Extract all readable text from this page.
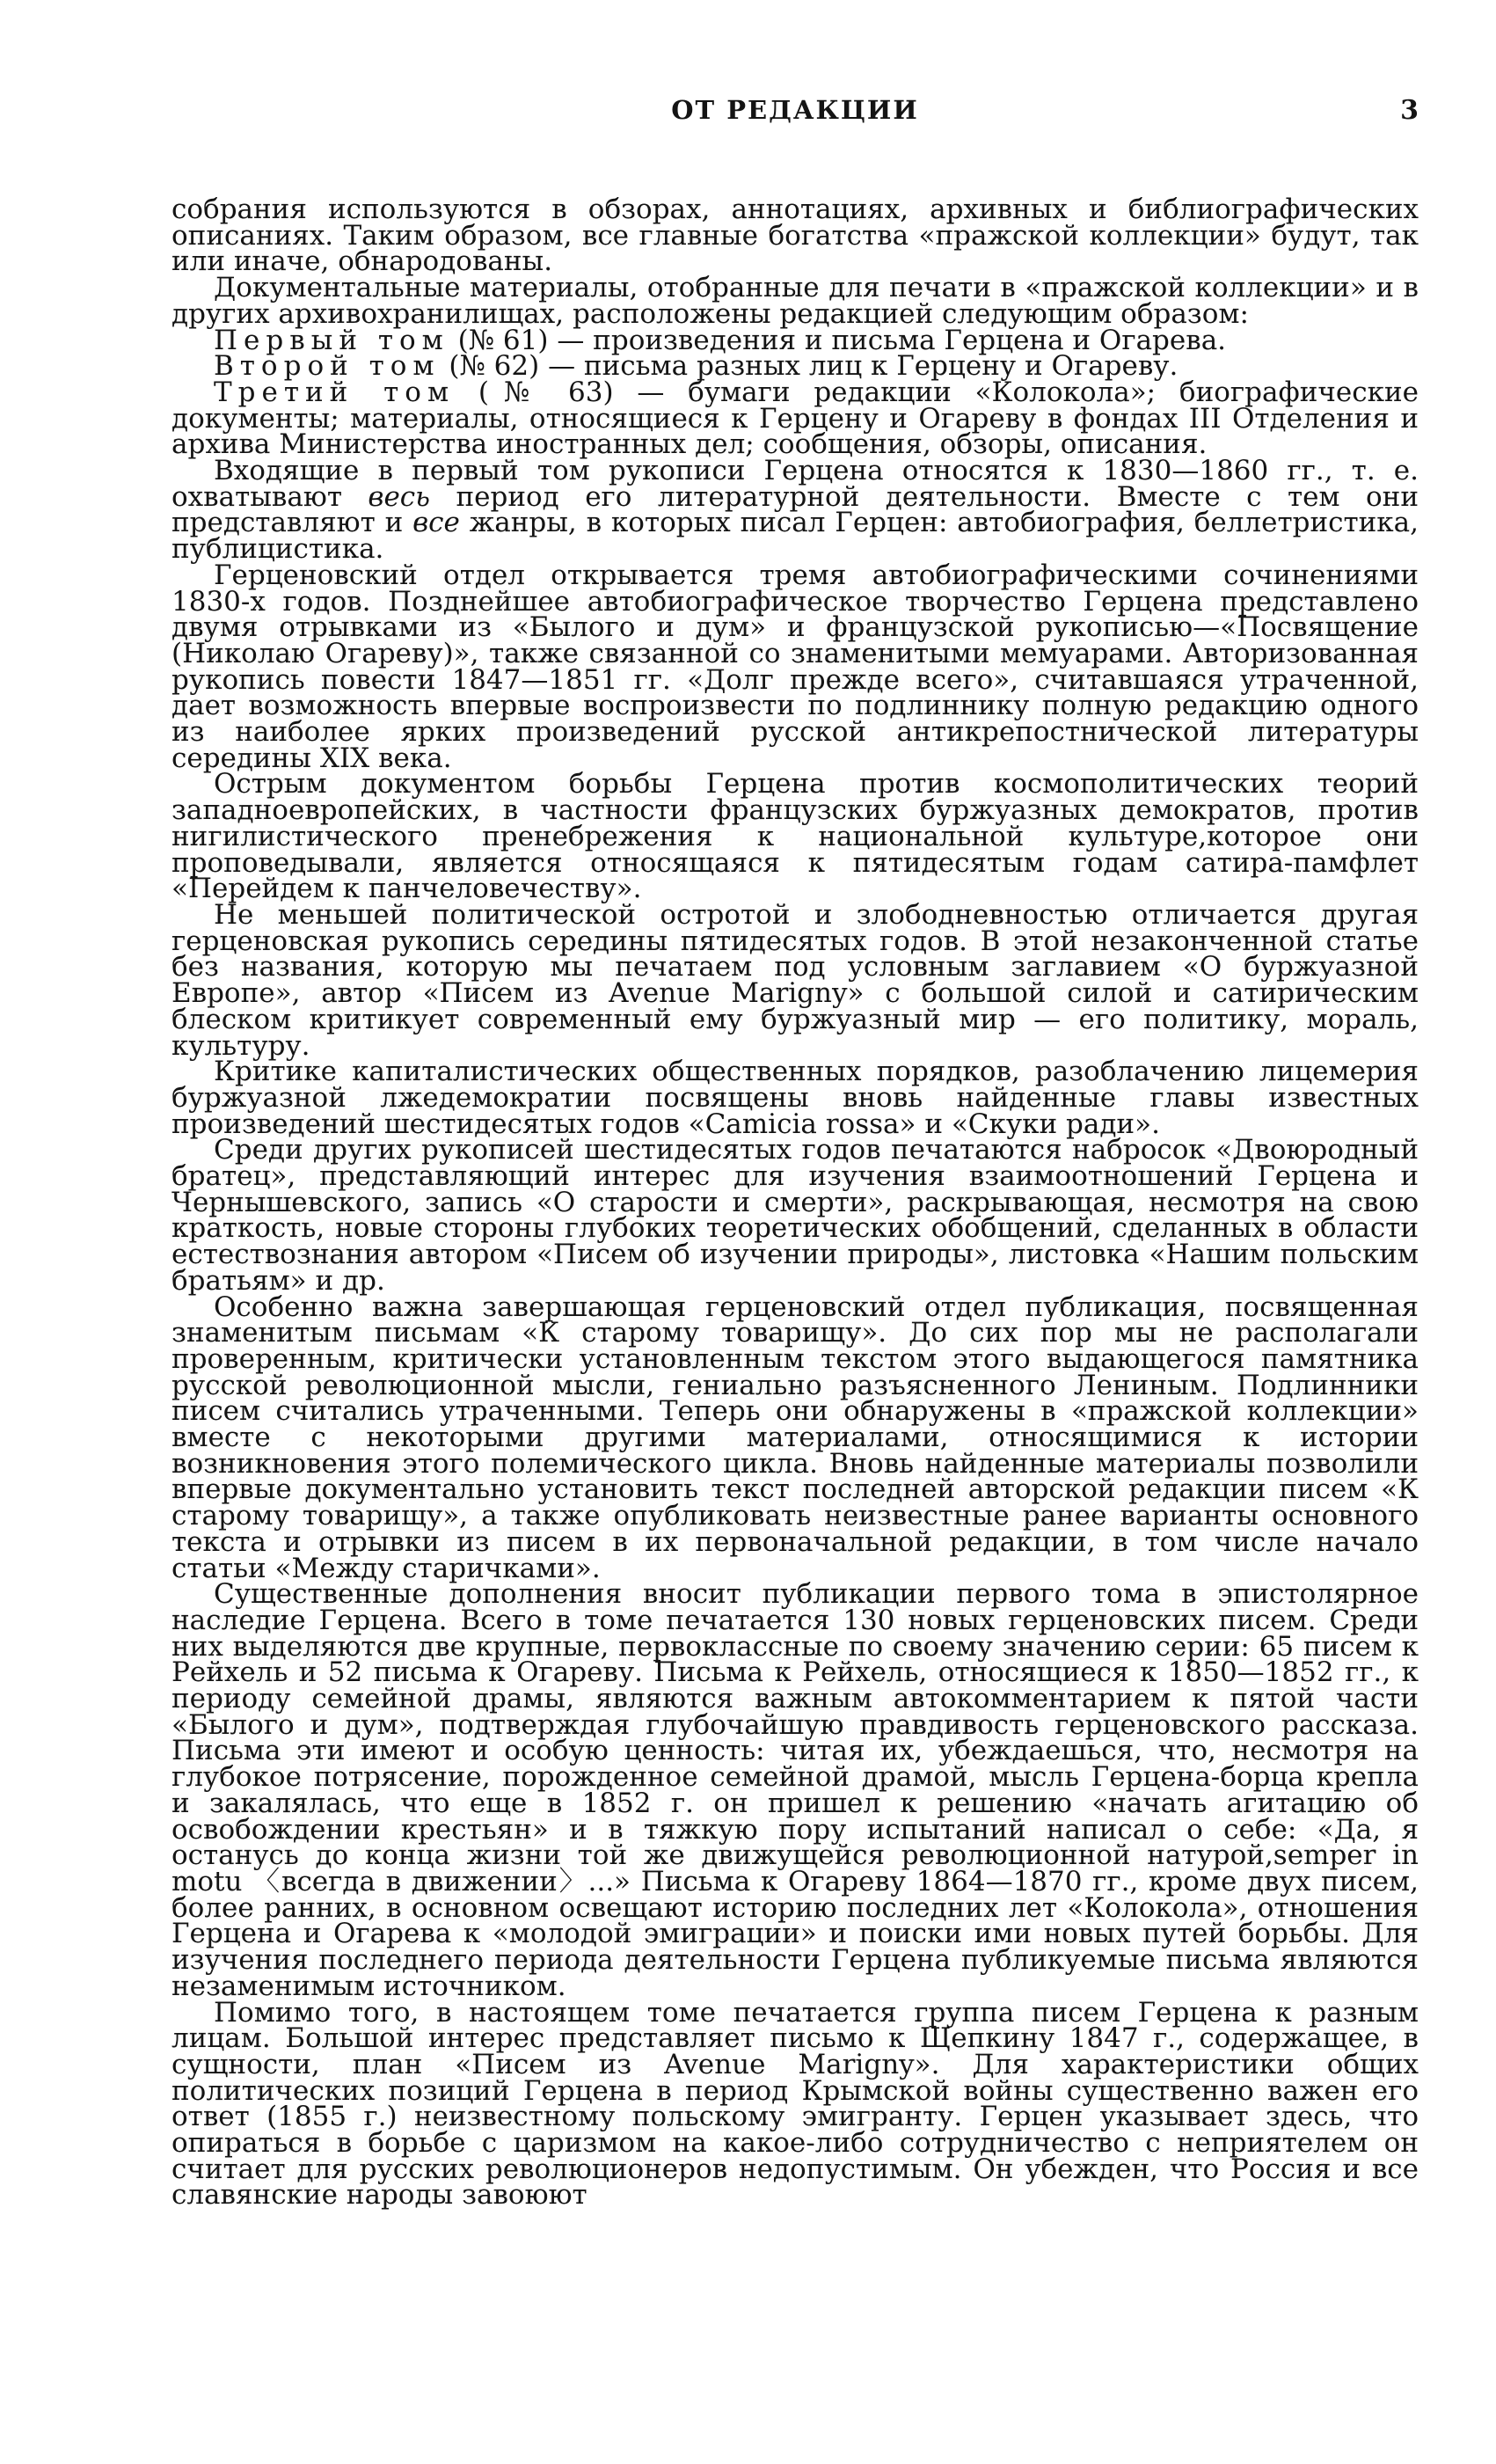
ОТ РЕДАКЦИИ	3

собрания используются в обзорах, аннотациях, архивных и библиографических описаниях. Таким образом, все главные богатства «пражской коллекции» будут, так или иначе, обнародованы.

Документальные материалы, отобранные для печати в «пражской коллекции» и в других архивохранилищах, расположены редакцией следующим образом:

Первый том (№ 61) — произведения и письма Герцена и Огарева.

Второй том (№ 62) — письма разных лиц к Герцену и Огареву.

Третий том (№ 63) — бумаги редакции «Колокола»; биографические документы; материалы, относящиеся к Герцену и Огареву в фондах III Отделения и архива Министерства иностранных дел; сообщения, обзоры, описания.

Входящие в первый том рукописи Герцена относятся к 1830—1860 гг., т. е. охватывают весь период его литературной деятельности. Вместе с тем они представляют и все жанры, в которых писал Герцен: автобиография, беллетристика, публицистика.

Герценовский отдел открывается тремя автобиографическими сочинениями 1830-х годов. Позднейшее автобиографическое творчество Герцена представлено двумя отрывками из «Былого и дум» и французской рукописью—«Посвящение (Николаю Огареву)», также связанной со знаменитыми мемуарами. Авторизованная рукопись повести 1847—1851 гг. «Долг прежде всего», считавшаяся утраченной, дает возможность впервые воспроизвести по подлиннику полную редакцию одного из наиболее ярких произведений русской антикрепостнической литературы середины XIX века.

Острым документом борьбы Герцена против космополитических теорий западноевропейских, в частности французских буржуазных демократов, против нигилистического пренебрежения к национальной культуре,которое они проповедывали, является относящаяся к пятидесятым годам сатира-памфлет «Перейдем к панчеловечеству».

Не меньшей политической остротой и злободневностью отличается другая герценовская рукопись середины пятидесятых годов. В этой незаконченной статье без названия, которую мы печатаем под условным заглавием «О буржуазной Европе», автор «Писем из Avenue Marigny» с большой силой и сатирическим блеском критикует современный ему буржуазный мир — его политику, мораль, культуру.

Критике капиталистических общественных порядков, разоблачению лицемерия буржуазной лжедемократии посвящены вновь найденные главы известных произведений шестидесятых годов «Camicia rossa» и «Скуки ради».

Среди других рукописей шестидесятых годов печатаются набросок «Двоюродный братец», представляющий интерес для изучения взаимоотношений Герцена и Чернышевского, запись «О старости и смерти», раскрывающая, несмотря на свою краткость, новые стороны глубоких теоретических обобщений, сделанных в области естествознания автором «Писем об изучении природы», листовка «Нашим польским братьям» и др.

Особенно важна завершающая герценовский отдел публикация, посвященная знаменитым письмам «К старому товарищу». До сих пор мы не располагали проверенным, критически установленным текстом этого выдающегося памятника русской революционной мысли, гениально разъясненного Лениным. Подлинники писем считались утраченными. Теперь они обнаружены в «пражской коллекции» вместе с некоторыми другими материалами, относящимися к истории возникновения этого полемического цикла. Вновь найденные материалы позволили впервые документально установить текст последней авторской редакции писем «К старому товарищу», а также опубликовать неизвестные ранее варианты основного текста и отрывки из писем в их первоначальной редакции, в том числе начало статьи «Между старичками».

Существенные дополнения вносит публикации первого тома в эпистолярное наследие Герцена. Всего в томе печатается 130 новых герценовских писем. Среди них выделяются две крупные, первоклассные по своему значению серии: 65 писем к Рейхель и 52 письма к Огареву. Письма к Рейхель, относящиеся к 1850—1852 гг., к периоду семейной драмы, являются важным автокомментарием к пятой части «Былого и дум», подтверждая глубочайшую правдивость герценовского рассказа. Письма эти имеют и особую ценность: читая их, убеждаешься, что, несмотря на глубокое потрясение, порожденное семейной драмой, мысль Герцена-борца крепла и закалялась, что еще в 1852 г. он пришел к решению «начать агитацию об освобождении крестьян» и в тяжкую пору испытаний написал о себе: «Да, я останусь до конца жизни той же движущейся революционной натурой,semper in motu 〈всегда в движении〉...» Письма к Огареву 1864—1870 гг., кроме двух писем, более ранних, в основном освещают историю последних лет «Колокола», отношения Герцена и Огарева к «молодой эмиграции» и поиски ими новых путей борьбы. Для изучения последнего периода деятельности Герцена публикуемые письма являются незаменимым источником.

Помимо того, в настоящем томе печатается группа писем Герцена к разным лицам. Большой интерес представляет письмо к Щепкину 1847 г., содержащее, в сущности, план «Писем из Avenue Marigny». Для характеристики общих политических позиций Герцена в период Крымской войны существенно важен его ответ (1855 г.) неизвестному польскому эмигранту. Герцен указывает здесь, что опираться в борьбе с царизмом на какое-либо сотрудничество с неприятелем он считает для русских революционеров недопустимым. Он убежден, что Россия и все славянские народы завоюют
